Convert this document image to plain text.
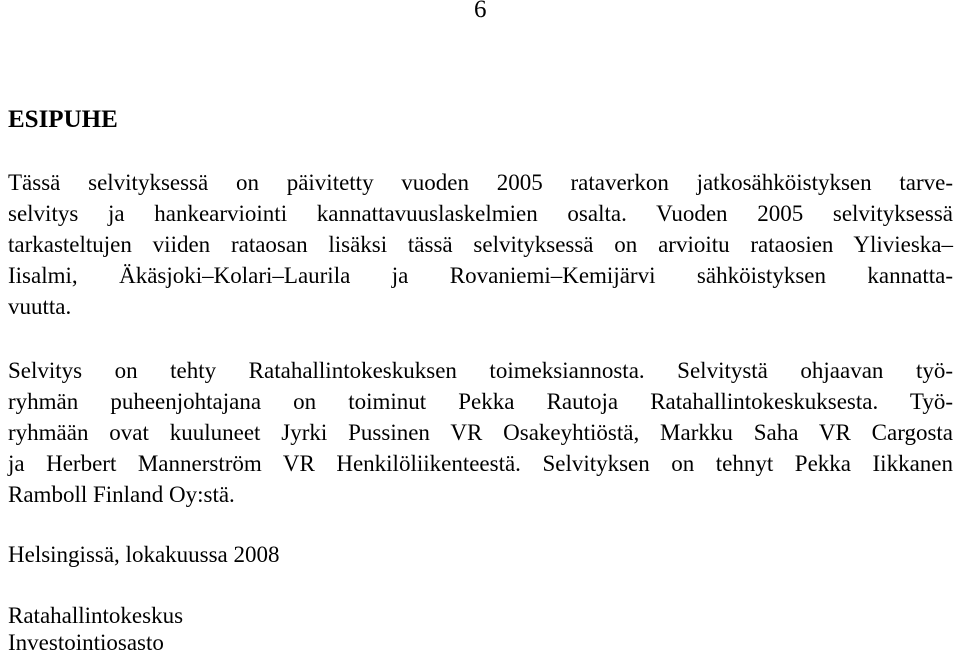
6
ESIPUHE
Tässä selvityksessä on päivitetty vuoden 2005 rataverkon jatkosähköistyksen tarve-
selvitys ja hankearviointi kannattavuuslaskelmien osalta. Vuoden 2005 selvityksessä
tarkasteltujen viiden rataosan lisäksi tässä selvityksessä on arvioitu rataosien Ylivieska–
Iisalmi, Äkäsjoki–Kolari–Laurila ja Rovaniemi–Kemijärvi sähköistyksen kannatta-
vuutta.
Selvitys on tehty Ratahallintokeskuksen toimeksiannosta. Selvitystä ohjaavan työ-
ryhmän puheenjohtajana on toiminut Pekka Rautoja Ratahallintokeskuksesta. Työ-
ryhmään ovat kuuluneet Jyrki Pussinen VR Osakeyhtiöstä, Markku Saha VR Cargosta
ja Herbert Mannerström VR Henkilöliikenteestä. Selvityksen on tehnyt Pekka Iikkanen
Ramboll Finland Oy:stä.
Helsingissä, lokakuussa 2008
Ratahallintokeskus
Investointiosasto
